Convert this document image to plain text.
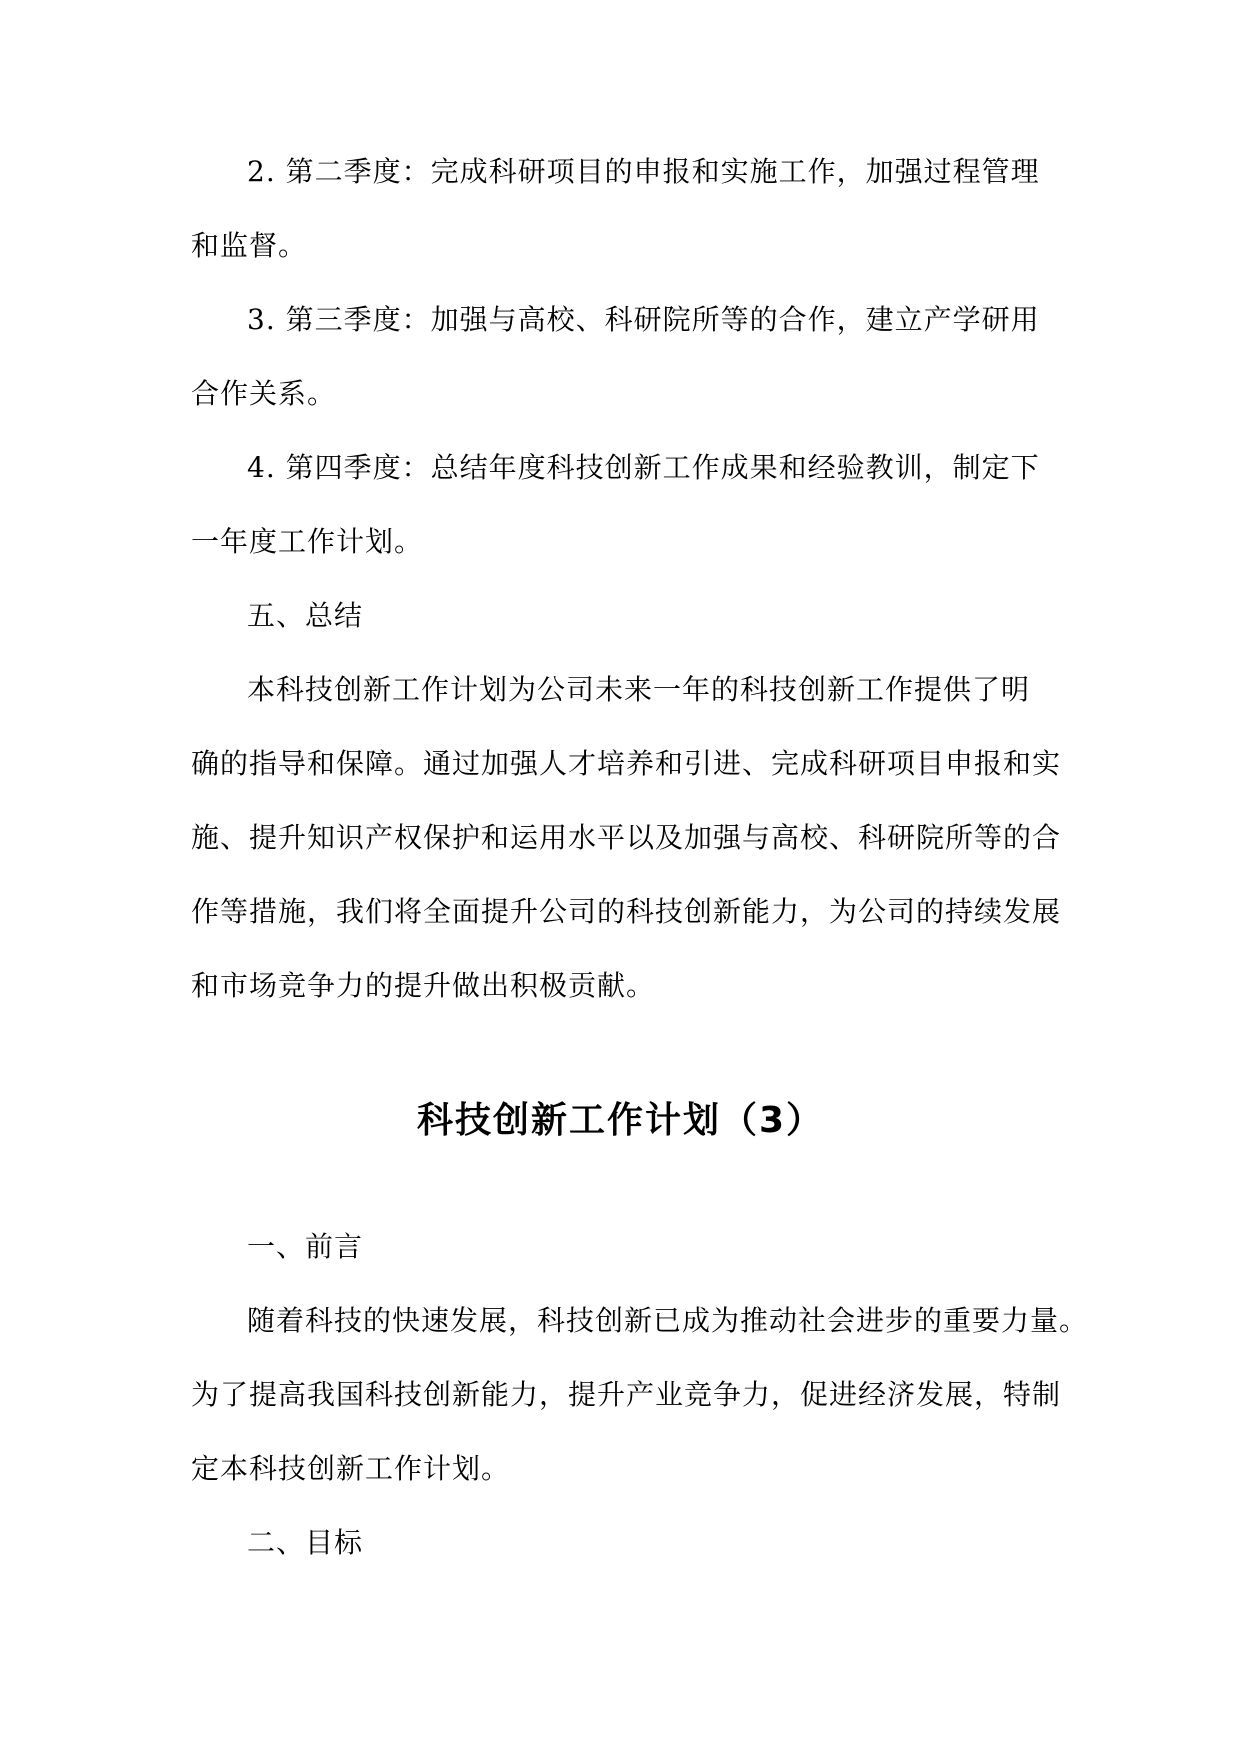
2. 第二季度：完成科研项目的申报和实施工作，加强过程管理
和监督。
3. 第三季度：加强与高校、科研院所等的合作，建立产学研用
合作关系。
4. 第四季度：总结年度科技创新工作成果和经验教训，制定下
一年度工作计划。
五、总结
本科技创新工作计划为公司未来一年的科技创新工作提供了明
确的指导和保障。通过加强人才培养和引进、完成科研项目申报和实
施、提升知识产权保护和运用水平以及加强与高校、科研院所等的合
作等措施，我们将全面提升公司的科技创新能力，为公司的持续发展
和市场竞争力的提升做出积极贡献。
科技创新工作计划（3）
一、前言
随着科技的快速发展，科技创新已成为推动社会进步的重要力量。
为了提高我国科技创新能力，提升产业竞争力，促进经济发展，特制
定本科技创新工作计划。
二、目标
